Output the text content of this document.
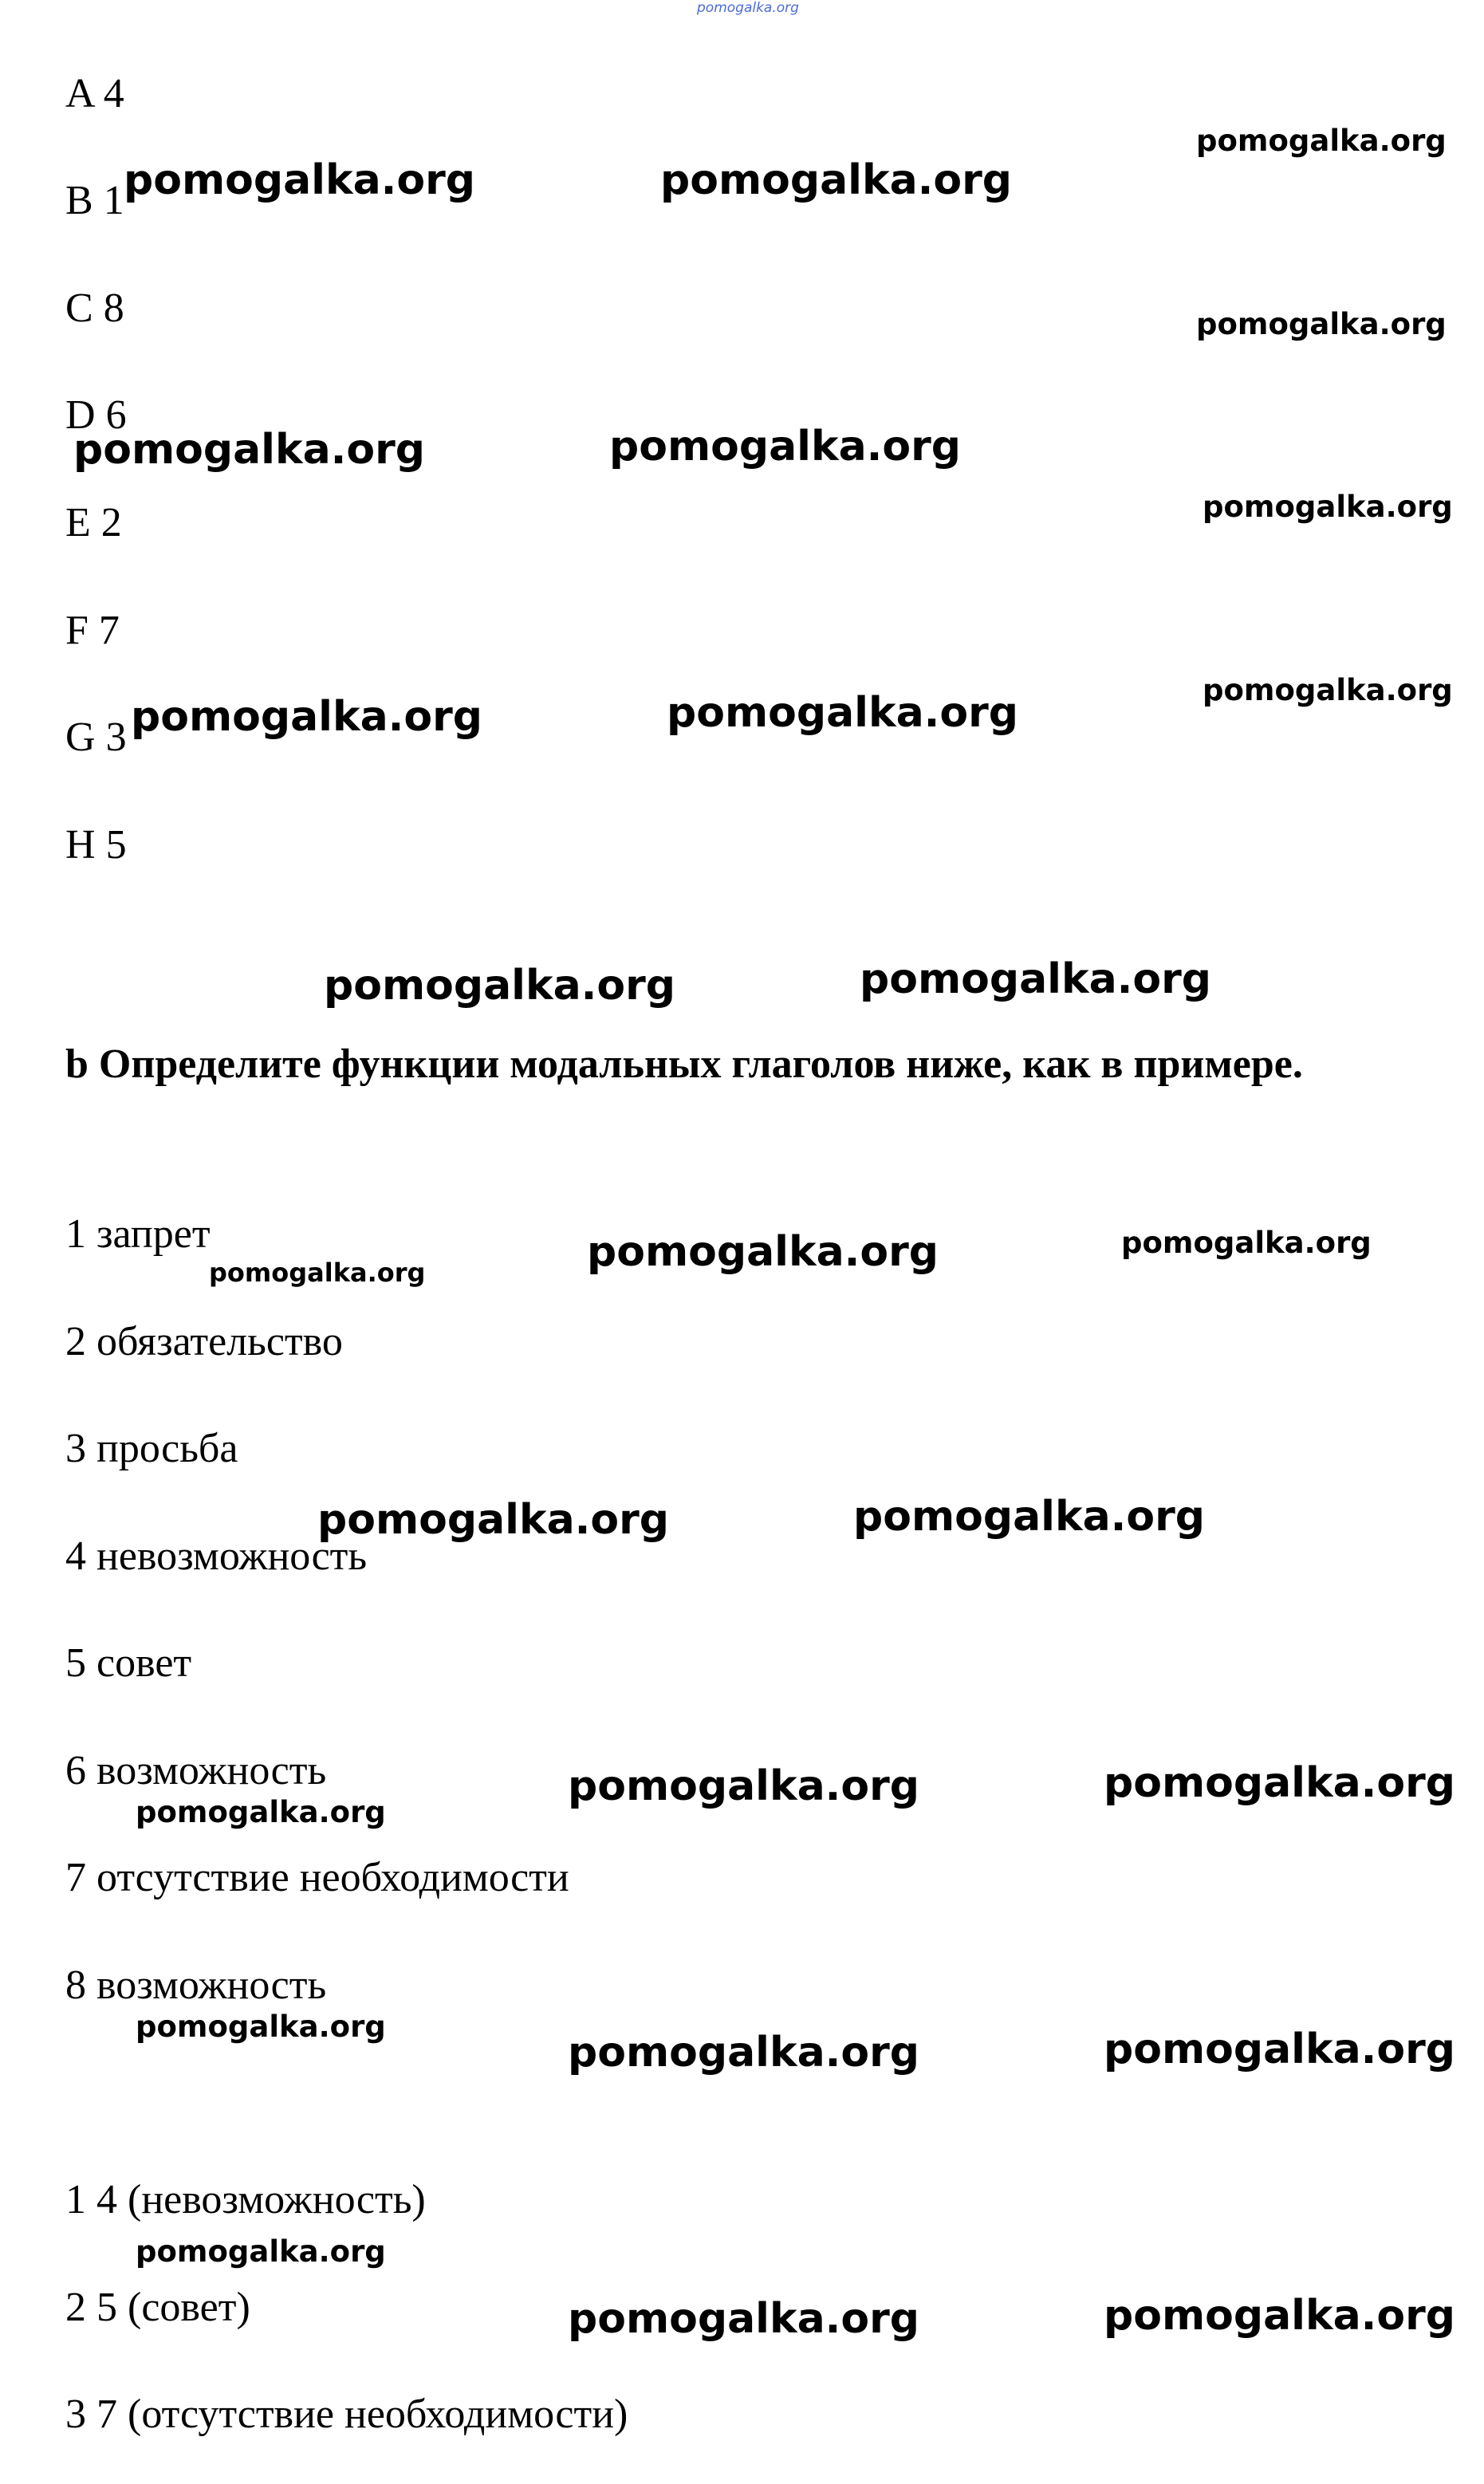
pomogalka.org
A 4
B 1
C 8
D 6
E 2
F 7
G 3
H 5
b Определите функции модальных глаголов ниже, как в примере.
1 запрет
2 обязательство
3 просьба
4 невозможность
5 совет
6 возможность
7 отсутствие необходимости
8 возможность
1 4 (невозможность)
2 5 (совет)
3 7 (отсутствие необходимости)
pomogalka.org
pomogalka.org	pomogalka.org
pomogalka.org
pomogalka.org	pomogalka.org
pomogalka.org
pomogalka.org
pomogalka.org	pomogalka.org
pomogalka.org	pomogalka.org
pomogalka.org	pomogalka.org
pomogalka.org
pomogalka.org	pomogalka.org
pomogalka.org	pomogalka.org
pomogalka.org
pomogalka.org
pomogalka.org	pomogalka.org
pomogalka.org
pomogalka.org	pomogalka.org
